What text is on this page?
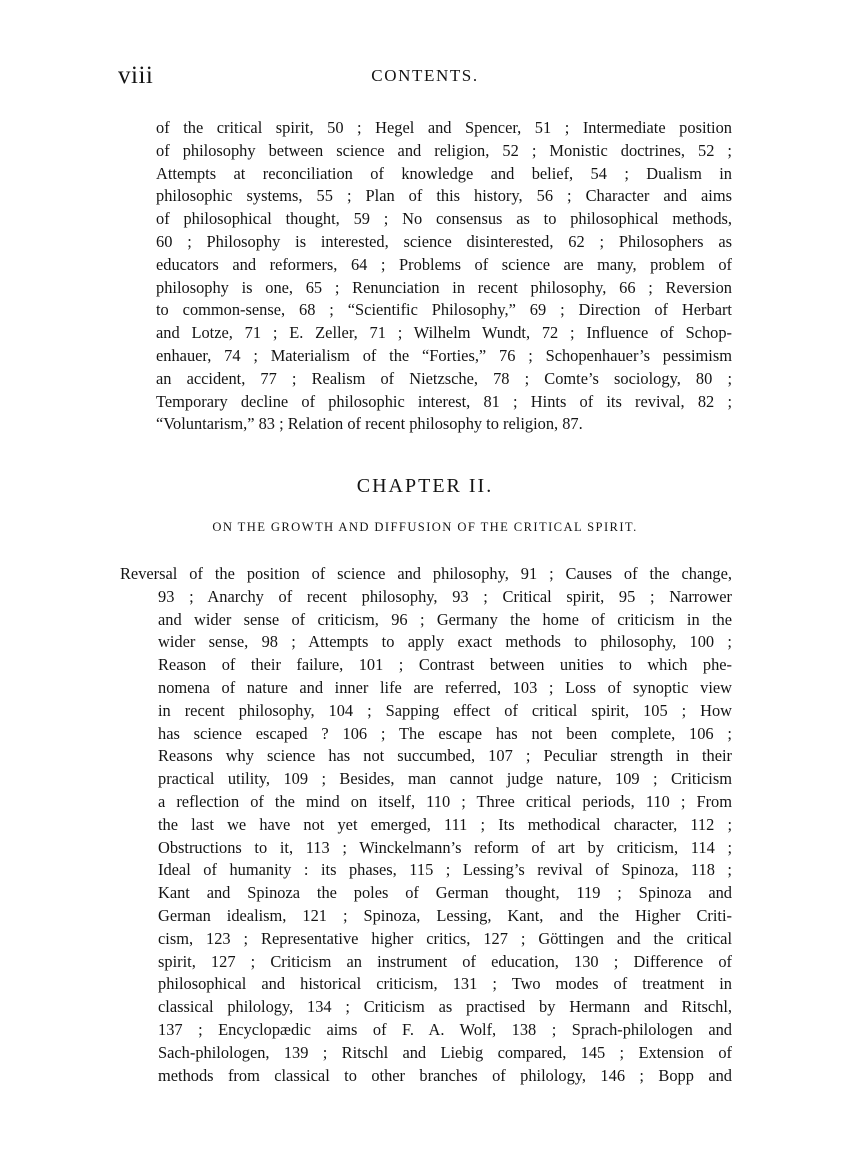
viii	CONTENTS.
of the critical spirit, 50 ; Hegel and Spencer, 51 ; Intermediate position
of philosophy between science and religion, 52 ; Monistic doctrines, 52 ;
Attempts at reconciliation of knowledge and belief, 54 ; Dualism in
philosophic systems, 55 ; Plan of this history, 56 ; Character and aims
of philosophical thought, 59 ; No consensus as to philosophical methods,
60 ; Philosophy is interested, science disinterested, 62 ; Philosophers as
educators and reformers, 64 ; Problems of science are many, problem of
philosophy is one, 65 ; Renunciation in recent philosophy, 66 ; Reversion
to common-sense, 68 ; “Scientific Philosophy,” 69 ; Direction of Herbart
and Lotze, 71 ; E. Zeller, 71 ; Wilhelm Wundt, 72 ; Influence of Schop-
enhauer, 74 ; Materialism of the “Forties,” 76 ; Schopenhauer’s pessimism
an accident, 77 ; Realism of Nietzsche, 78 ; Comte’s sociology, 80 ;
Temporary decline of philosophic interest, 81 ; Hints of its revival, 82 ;
“Voluntarism,” 83 ; Relation of recent philosophy to religion, 87.
CHAPTER II.
ON THE GROWTH AND DIFFUSION OF THE CRITICAL SPIRIT.
Reversal of the position of science and philosophy, 91 ; Causes of the change,
93 ; Anarchy of recent philosophy, 93 ; Critical spirit, 95 ; Narrower
and wider sense of criticism, 96 ; Germany the home of criticism in the
wider sense, 98 ; Attempts to apply exact methods to philosophy, 100 ;
Reason of their failure, 101 ; Contrast between unities to which phe-
nomena of nature and inner life are referred, 103 ; Loss of synoptic view
in recent philosophy, 104 ; Sapping effect of critical spirit, 105 ; How
has science escaped ? 106 ; The escape has not been complete, 106 ;
Reasons why science has not succumbed, 107 ; Peculiar strength in their
practical utility, 109 ; Besides, man cannot judge nature, 109 ; Criticism
a reflection of the mind on itself, 110 ; Three critical periods, 110 ; From
the last we have not yet emerged, 111 ; Its methodical character, 112 ;
Obstructions to it, 113 ; Winckelmann’s reform of art by criticism, 114 ;
Ideal of humanity : its phases, 115 ; Lessing’s revival of Spinoza, 118 ;
Kant and Spinoza the poles of German thought, 119 ; Spinoza and
German idealism, 121 ; Spinoza, Lessing, Kant, and the Higher Criti-
cism, 123 ; Representative higher critics, 127 ; Göttingen and the critical
spirit, 127 ; Criticism an instrument of education, 130 ; Difference of
philosophical and historical criticism, 131 ; Two modes of treatment in
classical philology, 134 ; Criticism as practised by Hermann and Ritschl,
137 ; Encyclopædic aims of F. A. Wolf, 138 ; Sprach-philologen and
Sach-philologen, 139 ; Ritschl and Liebig compared, 145 ; Extension of
methods from classical to other branches of philology, 146 ; Bopp and
